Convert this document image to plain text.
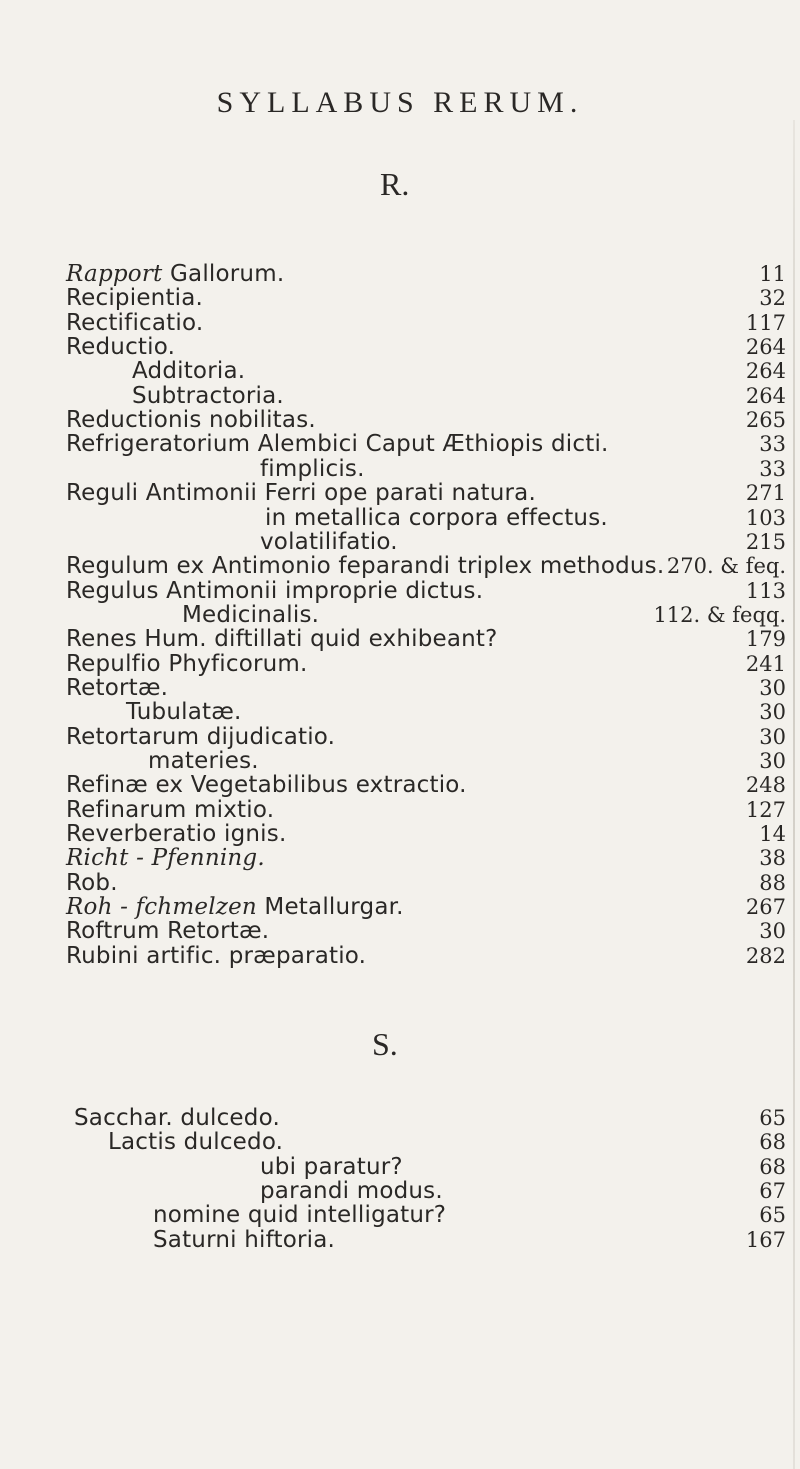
SYLLABUS RERUM.
R.
S.
Rapport Gallorum.	11
Recipientia.	32
Rectificatio.	117
Reductio.	264
Additoria.	264
Subtractoria.	264
Reductionis nobilitas.	265
Refrigeratorium Alembici Caput Æthiopis dicti.	33
fimplicis.	33
Reguli Antimonii Ferri ope parati natura.	271
in metallica corpora effectus.	103
volatilifatio.	215
Regulum ex Antimonio feparandi triplex methodus. 270. & feq.
Regulus Antimonii improprie dictus.	113
Medicinalis.	112. & feqq.
Renes Hum. diftillati quid exhibeant?	179
Repulfio Phyficorum.	241
Retortæ.	30
Tubulatæ.	30
Retortarum dijudicatio.	30
materies.	30
Refinæ ex Vegetabilibus extractio.	248
Refinarum mixtio.	127
Reverberatio ignis.	14
Richt - Pfenning.	38
Rob.	88
Roh - fchmelzen Metallurgar.	267
Roftrum Retortæ.	30
Rubini artific. præparatio.	282
Sacchar. dulcedo.	65
Lactis dulcedo.	68
ubi paratur?	68
parandi modus.	67
nomine quid intelligatur?	65
Saturni hiftoria.	167
